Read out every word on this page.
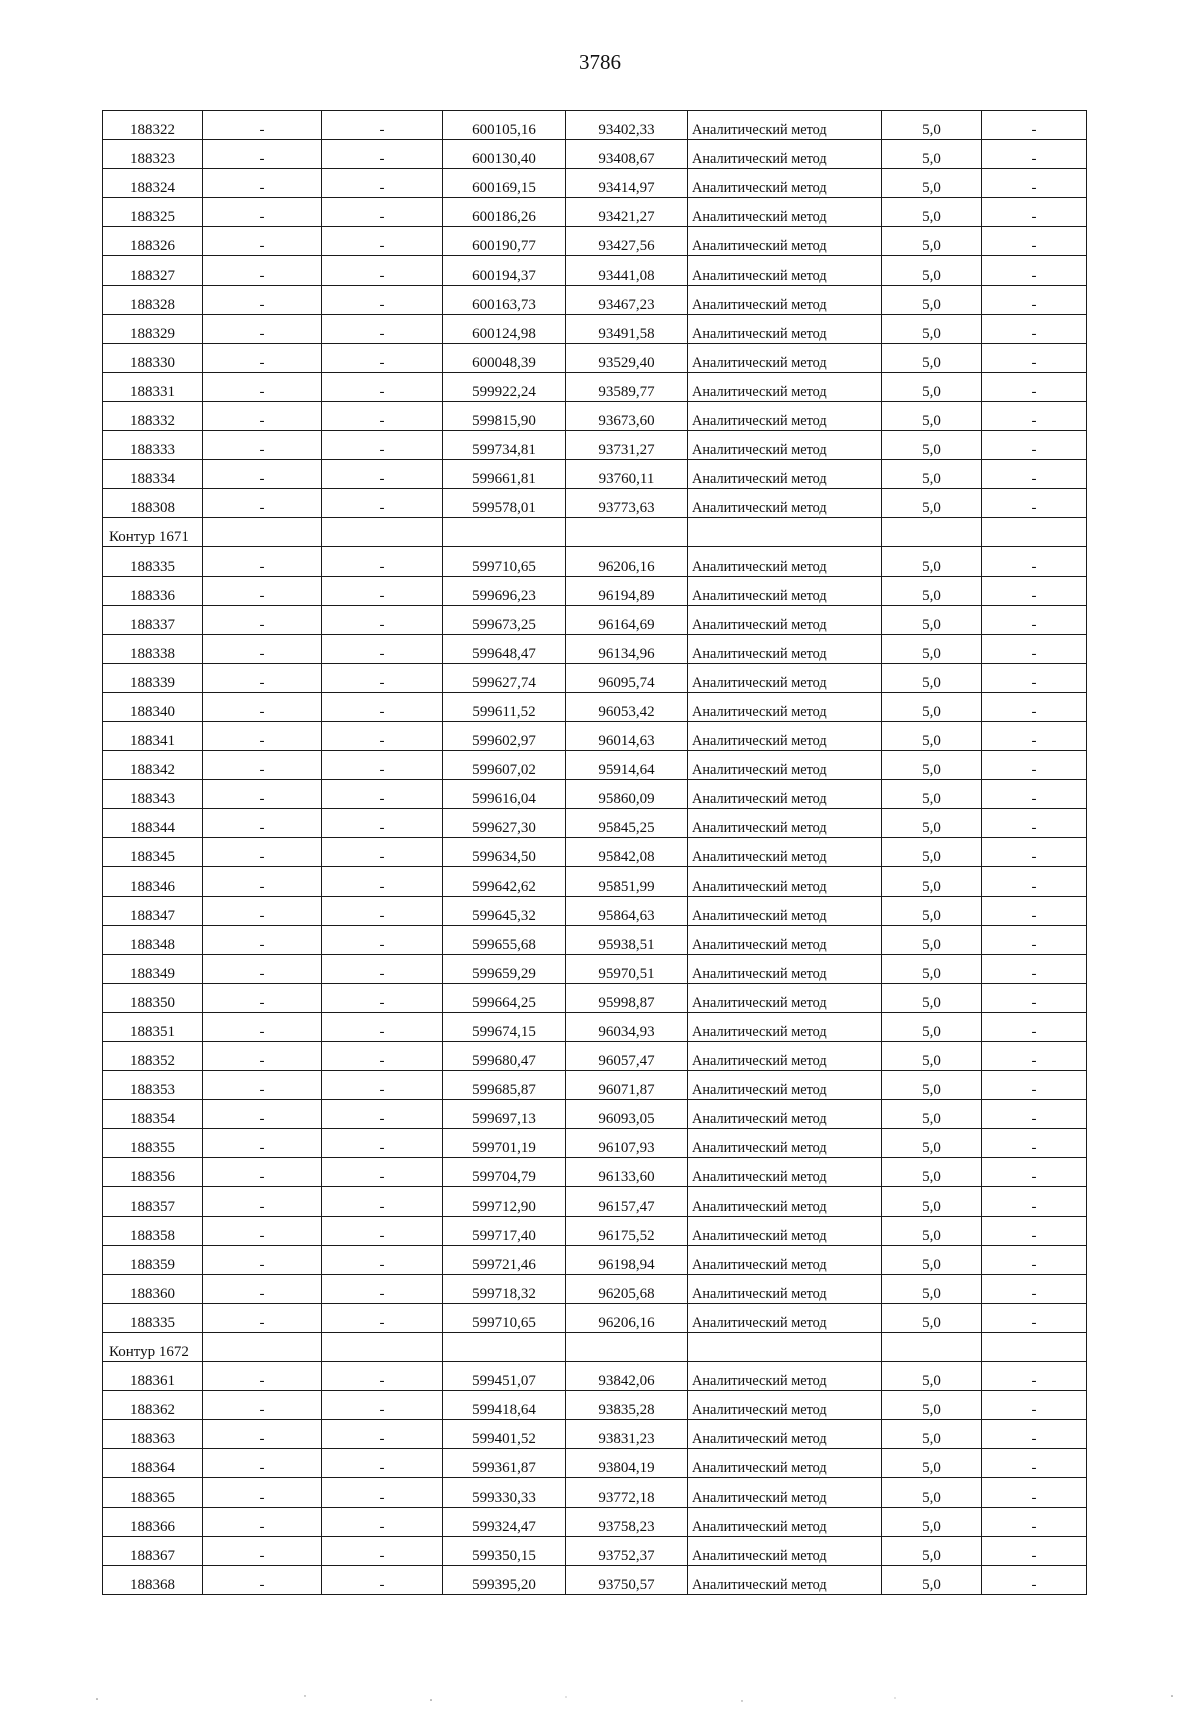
3786
188322	-	-	600105,16	93402,33	Аналитический метод	5,0	-
188323	-	-	600130,40	93408,67	Аналитический метод	5,0	-
188324	-	-	600169,15	93414,97	Аналитический метод	5,0	-
188325	-	-	600186,26	93421,27	Аналитический метод	5,0	-
188326	-	-	600190,77	93427,56	Аналитический метод	5,0	-
188327	-	-	600194,37	93441,08	Аналитический метод	5,0	-
188328	-	-	600163,73	93467,23	Аналитический метод	5,0	-
188329	-	-	600124,98	93491,58	Аналитический метод	5,0	-
188330	-	-	600048,39	93529,40	Аналитический метод	5,0	-
188331	-	-	599922,24	93589,77	Аналитический метод	5,0	-
188332	-	-	599815,90	93673,60	Аналитический метод	5,0	-
188333	-	-	599734,81	93731,27	Аналитический метод	5,0	-
188334	-	-	599661,81	93760,11	Аналитический метод	5,0	-
188308	-	-	599578,01	93773,63	Аналитический метод	5,0	-
Контур 1671							
188335	-	-	599710,65	96206,16	Аналитический метод	5,0	-
188336	-	-	599696,23	96194,89	Аналитический метод	5,0	-
188337	-	-	599673,25	96164,69	Аналитический метод	5,0	-
188338	-	-	599648,47	96134,96	Аналитический метод	5,0	-
188339	-	-	599627,74	96095,74	Аналитический метод	5,0	-
188340	-	-	599611,52	96053,42	Аналитический метод	5,0	-
188341	-	-	599602,97	96014,63	Аналитический метод	5,0	-
188342	-	-	599607,02	95914,64	Аналитический метод	5,0	-
188343	-	-	599616,04	95860,09	Аналитический метод	5,0	-
188344	-	-	599627,30	95845,25	Аналитический метод	5,0	-
188345	-	-	599634,50	95842,08	Аналитический метод	5,0	-
188346	-	-	599642,62	95851,99	Аналитический метод	5,0	-
188347	-	-	599645,32	95864,63	Аналитический метод	5,0	-
188348	-	-	599655,68	95938,51	Аналитический метод	5,0	-
188349	-	-	599659,29	95970,51	Аналитический метод	5,0	-
188350	-	-	599664,25	95998,87	Аналитический метод	5,0	-
188351	-	-	599674,15	96034,93	Аналитический метод	5,0	-
188352	-	-	599680,47	96057,47	Аналитический метод	5,0	-
188353	-	-	599685,87	96071,87	Аналитический метод	5,0	-
188354	-	-	599697,13	96093,05	Аналитический метод	5,0	-
188355	-	-	599701,19	96107,93	Аналитический метод	5,0	-
188356	-	-	599704,79	96133,60	Аналитический метод	5,0	-
188357	-	-	599712,90	96157,47	Аналитический метод	5,0	-
188358	-	-	599717,40	96175,52	Аналитический метод	5,0	-
188359	-	-	599721,46	96198,94	Аналитический метод	5,0	-
188360	-	-	599718,32	96205,68	Аналитический метод	5,0	-
188335	-	-	599710,65	96206,16	Аналитический метод	5,0	-
Контур 1672							
188361	-	-	599451,07	93842,06	Аналитический метод	5,0	-
188362	-	-	599418,64	93835,28	Аналитический метод	5,0	-
188363	-	-	599401,52	93831,23	Аналитический метод	5,0	-
188364	-	-	599361,87	93804,19	Аналитический метод	5,0	-
188365	-	-	599330,33	93772,18	Аналитический метод	5,0	-
188366	-	-	599324,47	93758,23	Аналитический метод	5,0	-
188367	-	-	599350,15	93752,37	Аналитический метод	5,0	-
188368	-	-	599395,20	93750,57	Аналитический метод	5,0	-
